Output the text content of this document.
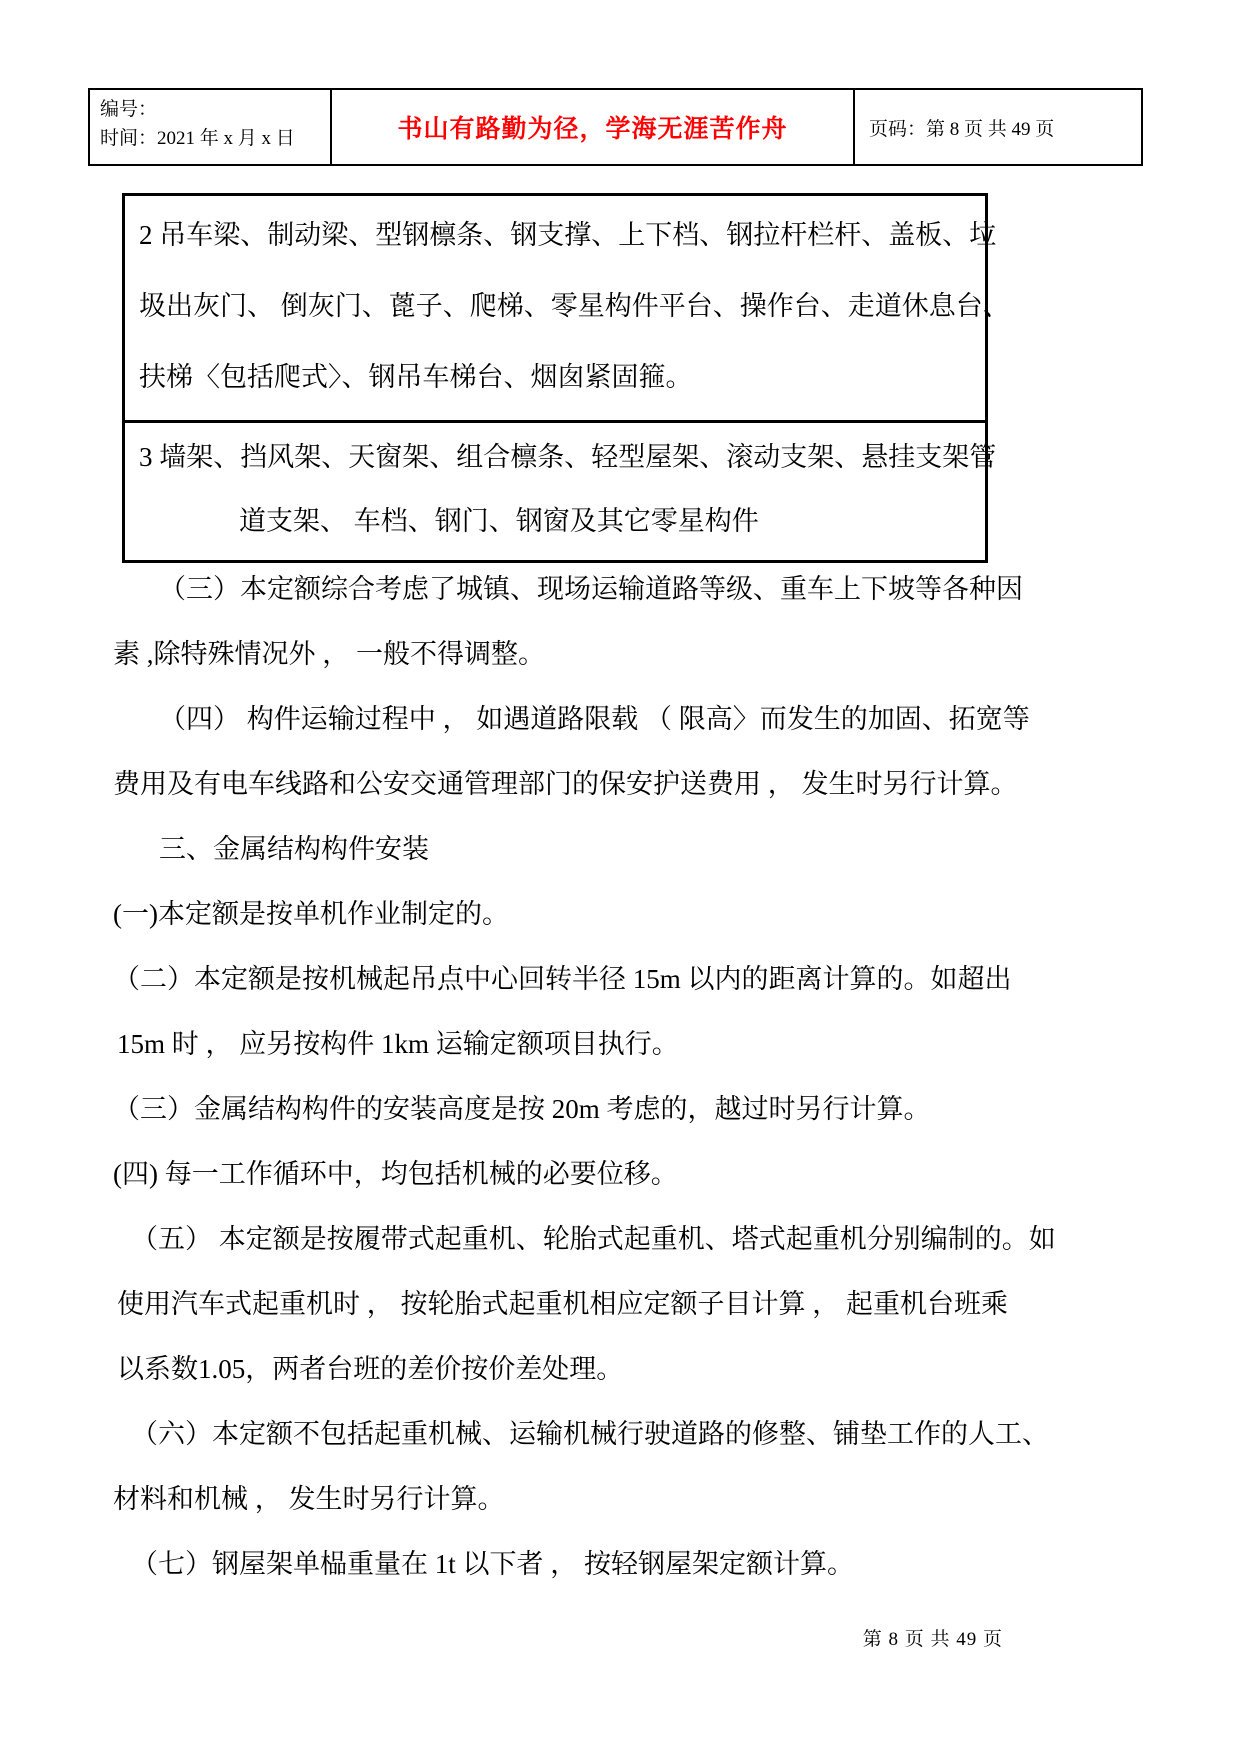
编号：
时间：2021 年 x 月 x 日	书山有路勤为径，学海无涯苦作舟	页码：第 8 页 共 49 页
2 吊车梁、制动梁、型钢檩条、钢支撑、上下档、钢拉杆栏杆、盖板、垃
圾出灰门、 倒灰门、蓖子、爬梯、零星构件平台、操作台、走道休息台、
扶梯〈包括爬式〉、钢吊车梯台、烟囱紧固箍。
3 墙架、挡风架、天窗架、组合檩条、轻型屋架、滚动支架、悬挂支架管
道支架、 车档、钢门、钢窗及其它零星构件
（三）本定额综合考虑了城镇、现场运输道路等级、重车上下坡等各种因
素 ,除特殊情况外 ， 一般不得调整。
（四） 构件运输过程中 ， 如遇道路限载 （ 限高〉而发生的加固、拓宽等
费用及有电车线路和公安交通管理部门的保安护送费用 ， 发生时另行计算。
三、金属结构构件安装
(一)本定额是按单机作业制定的。
（二）本定额是按机械起吊点中心回转半径 15m 以内的距离计算的。如超出
15m 时 ， 应另按构件 1km 运输定额项目执行。
（三）金属结构构件的安装高度是按 20m 考虑的，越过时另行计算。
(四) 每一工作循环中，均包括机械的必要位移。
（五） 本定额是按履带式起重机、轮胎式起重机、塔式起重机分别编制的。如
使用汽车式起重机时 ， 按轮胎式起重机相应定额子目计算 ， 起重机台班乘
以系数1.05，两者台班的差价按价差处理。
（六）本定额不包括起重机械、运输机械行驶道路的修整、铺垫工作的人工、
材料和机械 ， 发生时另行计算。
（七）钢屋架单榀重量在 1t 以下者 ， 按轻钢屋架定额计算。
第 8 页 共 49 页
